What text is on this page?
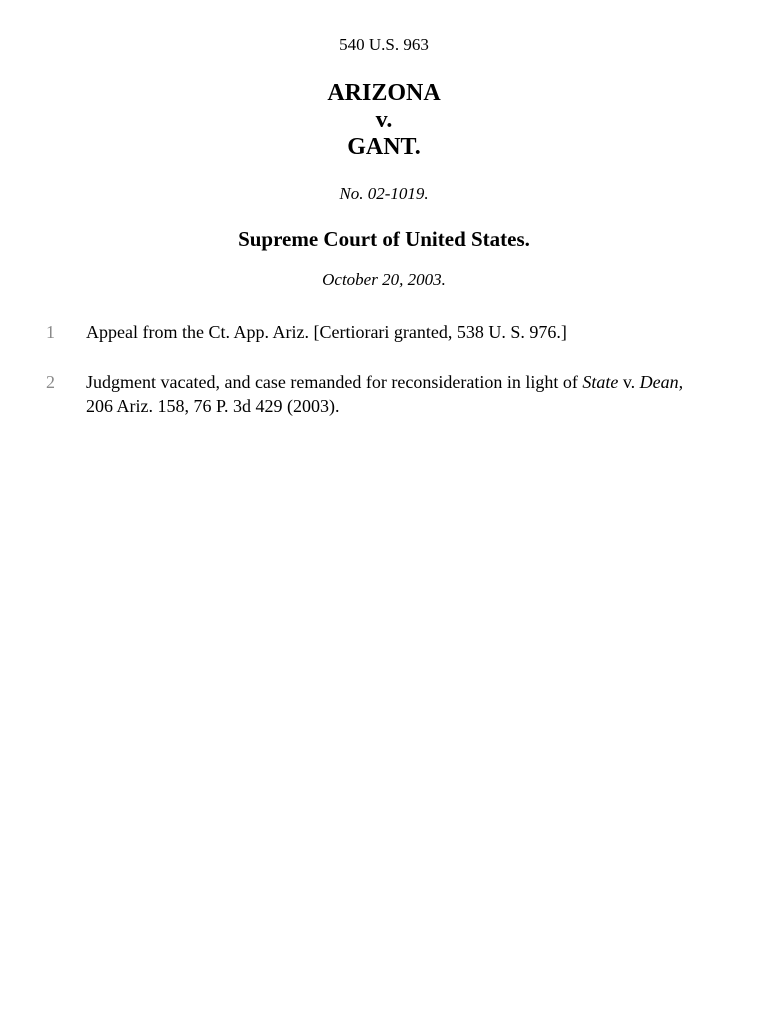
540 U.S. 963
ARIZONA
v.
GANT.
No. 02-1019.
Supreme Court of United States.
October 20, 2003.
1 Appeal from the Ct. App. Ariz. [Certiorari granted, 538 U. S. 976.]
2 Judgment vacated, and case remanded for reconsideration in light of State v. Dean, 206 Ariz. 158, 76 P. 3d 429 (2003).
